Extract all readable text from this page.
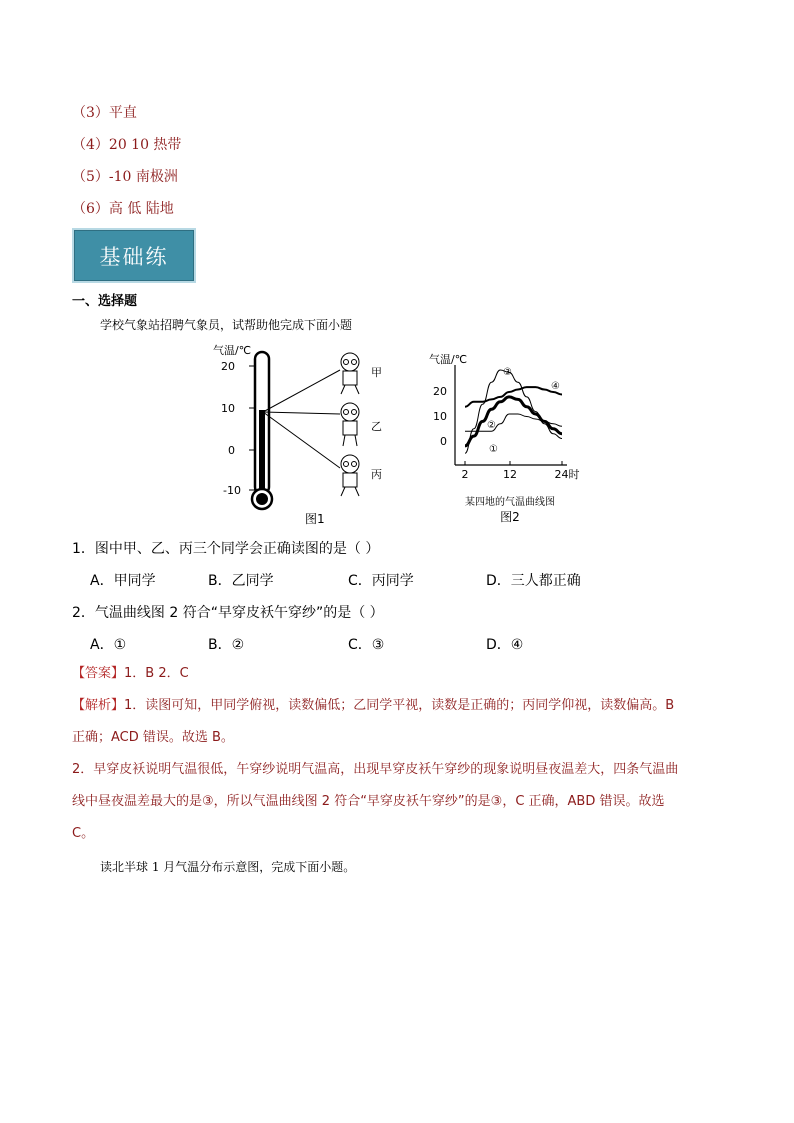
（3）平直
（4）20 10 热带
（5）-10 南极洲
（6）高 低 陆地
基础练
一、选择题
学校气象站招聘气象员，试帮助他完成下面小题
气温/℃
20
10
0
-10
甲
乙
丙
图1
气温/℃
20
10
0
2	12	24时
①
②
③
④
某四地的气温曲线图
图2
1．图中甲、乙、丙三个同学会正确读图的是（ ）
A．甲同学	B．乙同学	C．丙同学	D．三人都正确
2．气温曲线图 2 符合“早穿皮袄午穿纱”的是（ ）
A．①	B．②	C．③	D．④
【答案】1．B 2．C
【解析】1．读图可知，甲同学俯视，读数偏低；乙同学平视，读数是正确的；丙同学仰视，读数偏高。B
正确；ACD 错误。故选 B。
2．早穿皮袄说明气温很低，午穿纱说明气温高，出现早穿皮袄午穿纱的现象说明昼夜温差大，四条气温曲
线中昼夜温差最大的是③，所以气温曲线图 2 符合“早穿皮袄午穿纱”的是③，C 正确，ABD 错误。故选
C。
读北半球 1 月气温分布示意图，完成下面小题。
